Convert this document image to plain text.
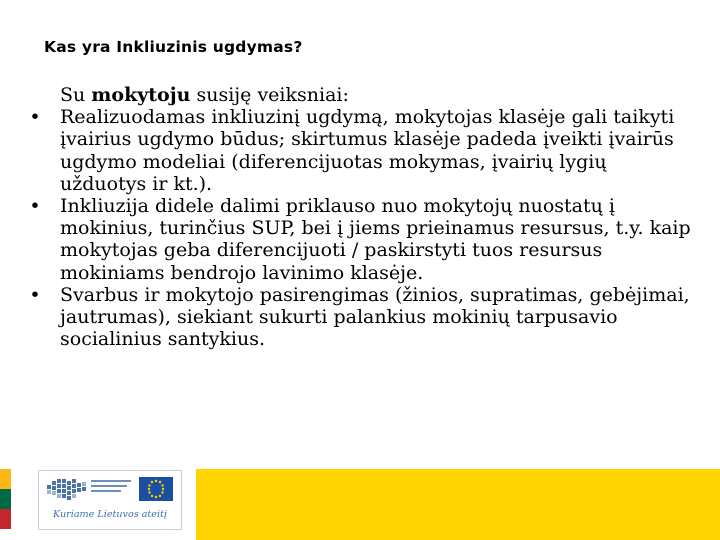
Kas yra Inkliuzinis ugdymas?
Su mokytoju susiję veiksniai:
• Realizuodamas inkliuzinį ugdymą, mokytojas klasėje gali taikyti įvairius ugdymo būdus; skirtumus klasėje padeda įveikti įvairūs ugdymo modeliai (diferencijuotas mokymas, įvairių lygių užduotys ir kt.).
• Inkliuzija didele dalimi priklauso nuo mokytojų nuostatų į mokinius, turinčius SUP, bei į jiems prieinamus resursus, t.y. kaip mokytojas geba diferencijuoti / paskirstyti tuos resursus mokiniams bendrojo lavinimo klasėje.
• Svarbus ir mokytojo pasirengimas (žinios, supratimas, gebėjimai, jautrumas), siekiant sukurti palankius mokinių tarpusavio socialinius santykius.
Kuriame Lietuvos ateitį
